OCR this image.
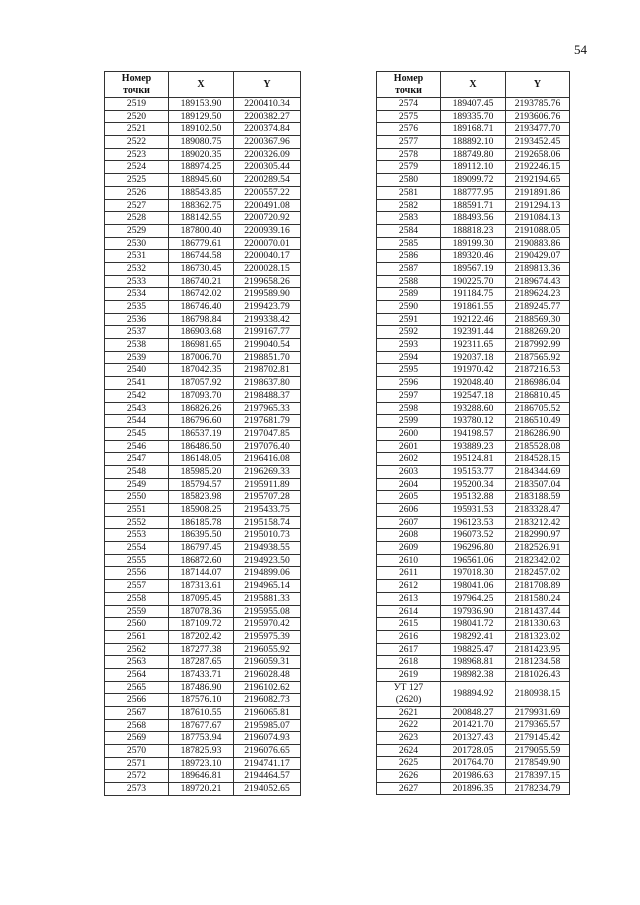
54
Номер
точки	X	Y
2519	189153.90	2200410.34
2520	189129.50	2200382.27
2521	189102.50	2200374.84
2522	189080.75	2200367.96
2523	189020.35	2200326.09
2524	188974.25	2200305.44
2525	188945.60	2200289.54
2526	188543.85	2200557.22
2527	188362.75	2200491.08
2528	188142.55	2200720.92
2529	187800.40	2200939.16
2530	186779.61	2200070.01
2531	186744.58	2200040.17
2532	186730.45	2200028.15
2533	186740.21	2199658.26
2534	186742.02	2199589.90
2535	186746.40	2199423.79
2536	186798.84	2199338.42
2537	186903.68	2199167.77
2538	186981.65	2199040.54
2539	187006.70	2198851.70
2540	187042.35	2198702.81
2541	187057.92	2198637.80
2542	187093.70	2198488.37
2543	186826.26	2197965.33
2544	186796.60	2197681.79
2545	186537.19	2197047.85
2546	186486.50	2197076.40
2547	186148.05	2196416.08
2548	185985.20	2196269.33
2549	185794.57	2195911.89
2550	185823.98	2195707.28
2551	185908.25	2195433.75
2552	186185.78	2195158.74
2553	186395.50	2195010.73
2554	186797.45	2194938.55
2555	186872.60	2194923.50
2556	187144.07	2194899.06
2557	187313.61	2194965.14
2558	187095.45	2195881.33
2559	187078.36	2195955.08
2560	187109.72	2195970.42
2561	187202.42	2195975.39
2562	187277.38	2196055.92
2563	187287.65	2196059.31
2564	187433.71	2196028.48
2565	187486.90	2196102.62
2566	187576.10	2196082.73
2567	187610.55	2196065.81
2568	187677.67	2195985.07
2569	187753.94	2196074.93
2570	187825.93	2196076.65
2571	189723.10	2194741.17
2572	189646.81	2194464.57
2573	189720.21	2194052.65
Номер
точки	X	Y
2574	189407.45	2193785.76
2575	189335.70	2193606.76
2576	189168.71	2193477.70
2577	188892.10	2193452.45
2578	188749.80	2192658.06
2579	189112.10	2192246.15
2580	189099.72	2192194.65
2581	188777.95	2191891.86
2582	188591.71	2191294.13
2583	188493.56	2191084.13
2584	188818.23	2191088.05
2585	189199.30	2190883.86
2586	189320.46	2190429.07
2587	189567.19	2189813.36
2588	190225.70	2189674.43
2589	191184.75	2189624.23
2590	191861.55	2189245.77
2591	192122.46	2188569.30
2592	192391.44	2188269.20
2593	192311.65	2187992.99
2594	192037.18	2187565.92
2595	191970.42	2187216.53
2596	192048.40	2186986.04
2597	192547.18	2186810.45
2598	193288.60	2186705.52
2599	193780.12	2186510.49
2600	194198.57	2186286.90
2601	193889.23	2185528.08
2602	195124.81	2184528.15
2603	195153.77	2184344.69
2604	195200.34	2183507.04
2605	195132.88	2183188.59
2606	195931.53	2183328.47
2607	196123.53	2183212.42
2608	196073.52	2182990.97
2609	196296.80	2182526.91
2610	196561.06	2182342.02
2611	197018.30	2182457.02
2612	198041.06	2181708.89
2613	197964.25	2181580.24
2614	197936.90	2181437.44
2615	198041.72	2181330.63
2616	198292.41	2181323.02
2617	198825.47	2181423.95
2618	198968.81	2181234.58
2619	198982.38	2181026.43
УТ 127
(2620)	198894.92	2180938.15
2621	200848.27	2179931.69
2622	201421.70	2179365.57
2623	201327.43	2179145.42
2624	201728.05	2179055.59
2625	201764.70	2178549.90
2626	201986.63	2178397.15
2627	201896.35	2178234.79
